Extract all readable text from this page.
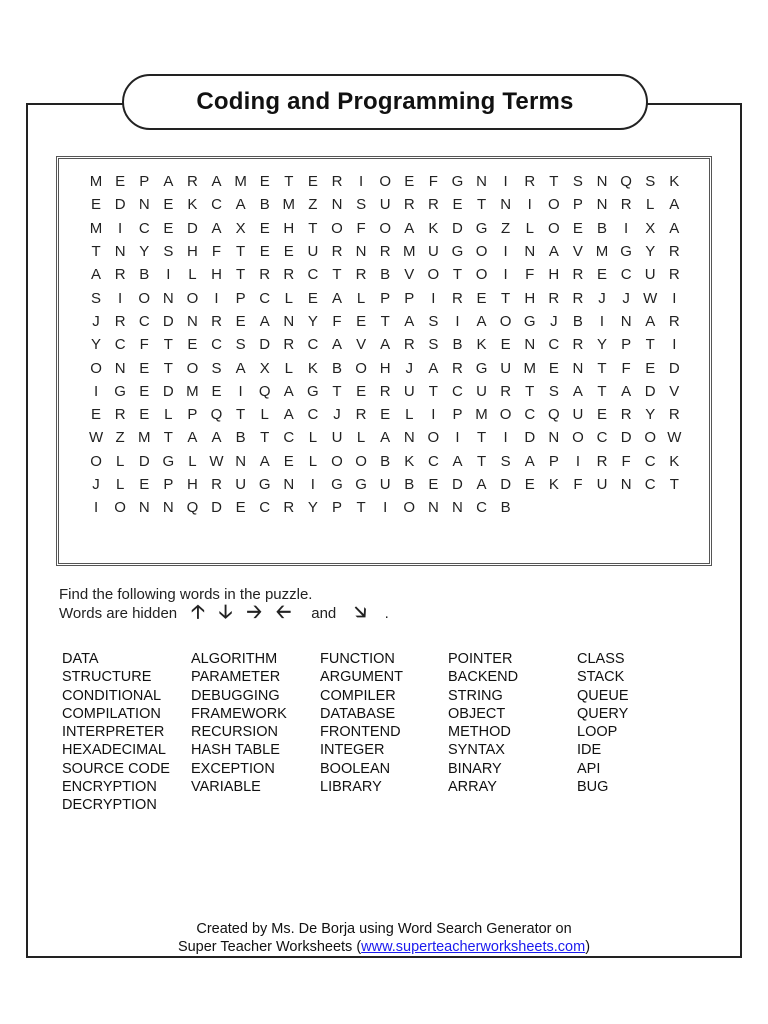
Coding and Programming Terms
M E P A R A M E T E R	I	O E F G N	I	R T S N Q S K
E D N E K C A B M Z N S U R R E T N	I	O P N R L A
M	I	C E D A X E H T O F O A K D G Z	L O E B	I	X A
T N Y S H F T E E U R N R M U G O	I	N A V M G Y R
A R B	I	L H T R R C T R B V O T O	I	F H R E C U R
S	I	O N O	I	P C L E A L P P	I	R E T H R R J	J W I
J R C D N R E A N Y F E T A S	I	A O G J	B	I	N A R
Y C F T E C S D R C A V A R S B K E N C R Y P T	I
O N E T O S A X L K B O H J	A R G U M E N T F E D
I	G E D M E	I	Q A G T E R U T C U R T S A T A D V
E R E L P Q T	L A C J R E L	I	P M O C Q U E R Y R
W Z M T A A B T C L U L A N O	I	T	I	D N O C D O W
O L D G L W N A E L O O B K C A T S A P	I	R F C K
J	L E P H R U G N	I	G G U B E D A D E K F U N C T
I	O N N Q D E C R Y P T	I	O N N C B
Find the following words in the puzzle.
Words are hidden 🡡 🡣 🡢 🡠 and 🡦 .
DATA
STRUCTURE
CONDITIONAL
COMPILATION
INTERPRETER
HEXADECIMAL
SOURCE CODE
ENCRYPTION
DECRYPTION
ALGORITHM
PARAMETER
DEBUGGING
FRAMEWORK
RECURSION
HASH TABLE
EXCEPTION
VARIABLE
FUNCTION
ARGUMENT
COMPILER
DATABASE
FRONTEND
INTEGER
BOOLEAN
LIBRARY
POINTER
BACKEND
STRING
OBJECT
METHOD
SYNTAX
BINARY
ARRAY
CLASS
STACK
QUEUE
QUERY
LOOP
IDE
API
BUG
Created by Ms. De Borja using Word Search Generator on
Super Teacher Worksheets (www.superteacherworksheets.com)
